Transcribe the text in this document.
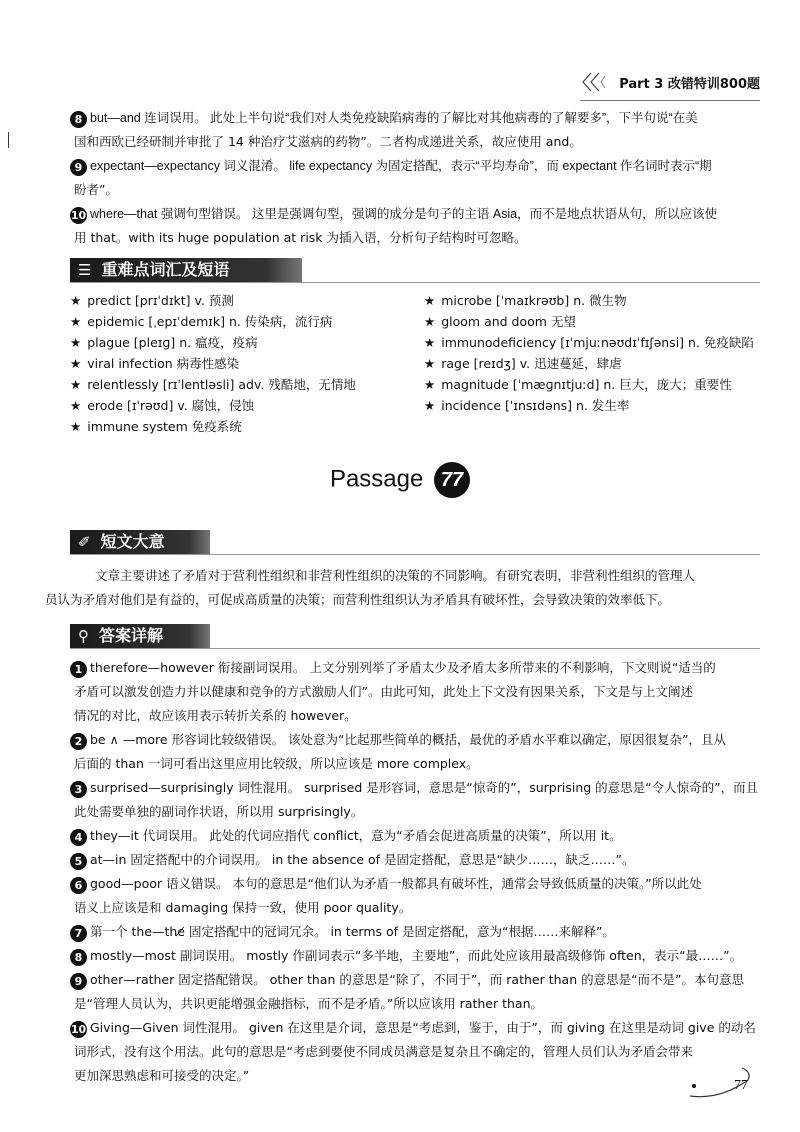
Part 3 改错特训800题
8 but—and 连词误用。 此处上半句说“我们对人类免疫缺陷病毒的了解比对其他病毒的了解要多”，下半句说“在美
国和西欧已经研制并审批了 14 种治疗艾滋病的药物”。二者构成递进关系，故应使用 and。
9 expectant—expectancy 词义混淆。 life expectancy 为固定搭配，表示“平均寿命”，而 expectant 作名词时表示“期
盼者”。
10 where—that 强调句型错误。 这里是强调句型，强调的成分是句子的主语 Asia，而不是地点状语从句，所以应该使
用 that。with its huge population at risk 为插入语，分析句子结构时可忽略。
☰ 重难点词汇及短语
★ predict [prɪˈdɪkt] v. 预测
★ epidemic [ˌepɪˈdemɪk] n. 传染病，流行病
★ plague [pleɪɡ] n. 瘟疫，疫病
★ viral infection 病毒性感染
★ relentlessly [rɪˈlentləsli] adv. 残酷地，无情地
★ erode [ɪˈrəʊd] v. 腐蚀，侵蚀
★ immune system 免疫系统
★ microbe [ˈmaɪkrəʊb] n. 微生物
★ gloom and doom 无望
★ immunodeficiency [ɪˈmjuːnəʊdɪˈfɪʃənsi] n. 免疫缺陷
★ rage [reɪdʒ] v. 迅速蔓延，肆虐
★ magnitude [ˈmæɡnɪtjuːd] n. 巨大，庞大；重要性
★ incidence [ˈɪnsɪdəns] n. 发生率
Passage 77
✐ 短文大意
文章主要讲述了矛盾对于营利性组织和非营利性组织的决策的不同影响。有研究表明，非营利性组织的管理人
员认为矛盾对他们是有益的，可促成高质量的决策；而营利性组织认为矛盾具有破坏性，会导致决策的效率低下。
⚲ 答案详解
1 therefore—however 衔接副词误用。 上文分别列举了矛盾太少及矛盾太多所带来的不利影响，下文则说“适当的
矛盾可以激发创造力并以健康和竞争的方式激励人们”。由此可知，此处上下文没有因果关系，下文是与上文阐述
情况的对比，故应该用表示转折关系的 however。
2 be ∧ —more 形容词比较级错误。 该处意为“比起那些简单的概括，最优的矛盾水平难以确定，原因很复杂”，且从
后面的 than 一词可看出这里应用比较级，所以应该是 more complex。
3 surprised—surprisingly 词性混用。 surprised 是形容词，意思是“惊奇的”，surprising 的意思是“令人惊奇的”，而且
此处需要单独的副词作状语，所以用 surprisingly。
4 they—it 代词误用。 此处的代词应指代 conflict，意为“矛盾会促进高质量的决策”，所以用 it。
5 at—in 固定搭配中的介词误用。 in the absence of 是固定搭配，意思是“缺少……，缺乏……”。
6 good—poor 语义错误。 本句的意思是“他们认为矛盾一般都具有破坏性，通常会导致低质量的决策。”所以此处
语义上应该是和 damaging 保持一致，使用 poor quality。
7 第一个 the—the̸ 固定搭配中的冠词冗余。 in terms of 是固定搭配，意为“根据……来解释”。
8 mostly—most 副词误用。 mostly 作副词表示“多半地，主要地”，而此处应该用最高级修饰 often，表示“最……”。
9 other—rather 固定搭配错误。 other than 的意思是“除了，不同于”，而 rather than 的意思是“而不是”。本句意思
是“管理人员认为，共识更能增强金融指标，而不是矛盾。”所以应该用 rather than。
10 Giving—Given 词性混用。 given 在这里是介词，意思是“考虑到，鉴于，由于”，而 giving 在这里是动词 give 的动名
词形式，没有这个用法。此句的意思是“考虑到要使不同成员满意是复杂且不确定的，管理人员们认为矛盾会带来
更加深思熟虑和可接受的决定。”
77
